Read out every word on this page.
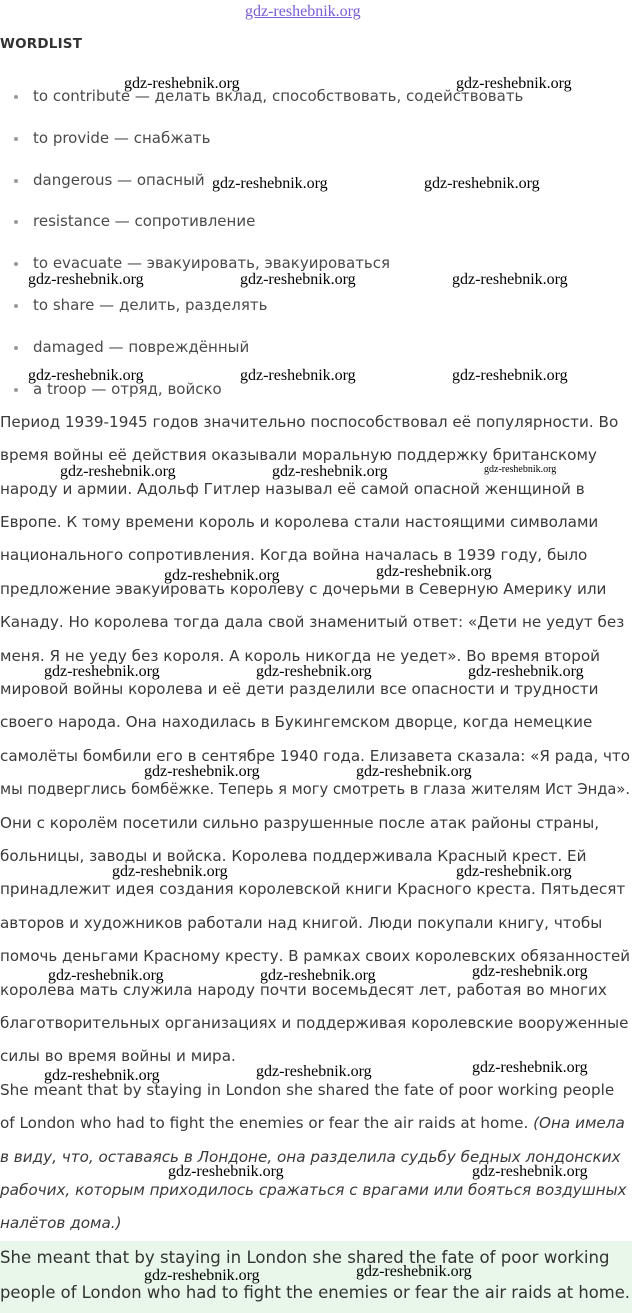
gdz-reshebnik.org
WORDLIST
to contribute — делать вклад, способствовать, содействовать
to provide — снабжать
dangerous — опасный
resistance — сопротивление
to evacuate — эвакуировать, эвакуироваться
to share — делить, разделять
damaged — повреждённый
a troop — отряд, войско
Период 1939-1945 годов значительно поспособствовал её популярности. Во
время войны её действия оказывали моральную поддержку британскому
народу и армии. Адольф Гитлер называл её самой опасной женщиной в
Европе. К тому времени король и королева стали настоящими символами
национального сопротивления. Когда война началась в 1939 году, было
предложение эвакуировать королеву с дочерьми в Северную Америку или
Канаду. Но королева тогда дала свой знаменитый ответ: «Дети не уедут без
меня. Я не уеду без короля. А король никогда не уедет». Во время второй
мировой войны королева и её дети разделили все опасности и трудности
своего народа. Она находилась в Букингемском дворце, когда немецкие
самолёты бомбили его в сентябре 1940 года. Елизавета сказала: «Я рада, что
мы подверглись бомбёжке. Теперь я могу смотреть в глаза жителям Ист Энда».
Они с королём посетили сильно разрушенные после атак районы страны,
больницы, заводы и войска. Королева поддерживала Красный крест. Ей
принадлежит идея создания королевской книги Красного креста. Пятьдесят
авторов и художников работали над книгой. Люди покупали книгу, чтобы
помочь деньгами Красному кресту. В рамках своих королевских обязанностей
королева мать служила народу почти восемьдесят лет, работая во многих
благотворительных организациях и поддерживая королевские вооруженные
силы во время войны и мира.
She meant that by staying in London she shared the fate of poor working people
of London who had to fight the enemies or fear the air raids at home. (Она имела
в виду, что, оставаясь в Лондоне, она разделила судьбу бедных лондонских
рабочих, которым приходилось сражаться с врагами или бояться воздушных
налётов дома.)
She meant that by staying in London she shared the fate of poor working
people of London who had to fight the enemies or fear the air raids at home.
gdz-reshebnik.org	gdz-reshebnik.org
gdz-reshebnik.org	gdz-reshebnik.org
gdz-reshebnik.org	gdz-reshebnik.org	gdz-reshebnik.org
gdz-reshebnik.org	gdz-reshebnik.org	gdz-reshebnik.org
gdz-reshebnik.org	gdz-reshebnik.org	gdz-reshebnik.org
gdz-reshebnik.org	gdz-reshebnik.org
gdz-reshebnik.org	gdz-reshebnik.org	gdz-reshebnik.org
gdz-reshebnik.org	gdz-reshebnik.org
gdz-reshebnik.org	gdz-reshebnik.org
gdz-reshebnik.org	gdz-reshebnik.org	gdz-reshebnik.org
gdz-reshebnik.org	gdz-reshebnik.org	gdz-reshebnik.org
gdz-reshebnik.org	gdz-reshebnik.org
gdz-reshebnik.org	gdz-reshebnik.org
